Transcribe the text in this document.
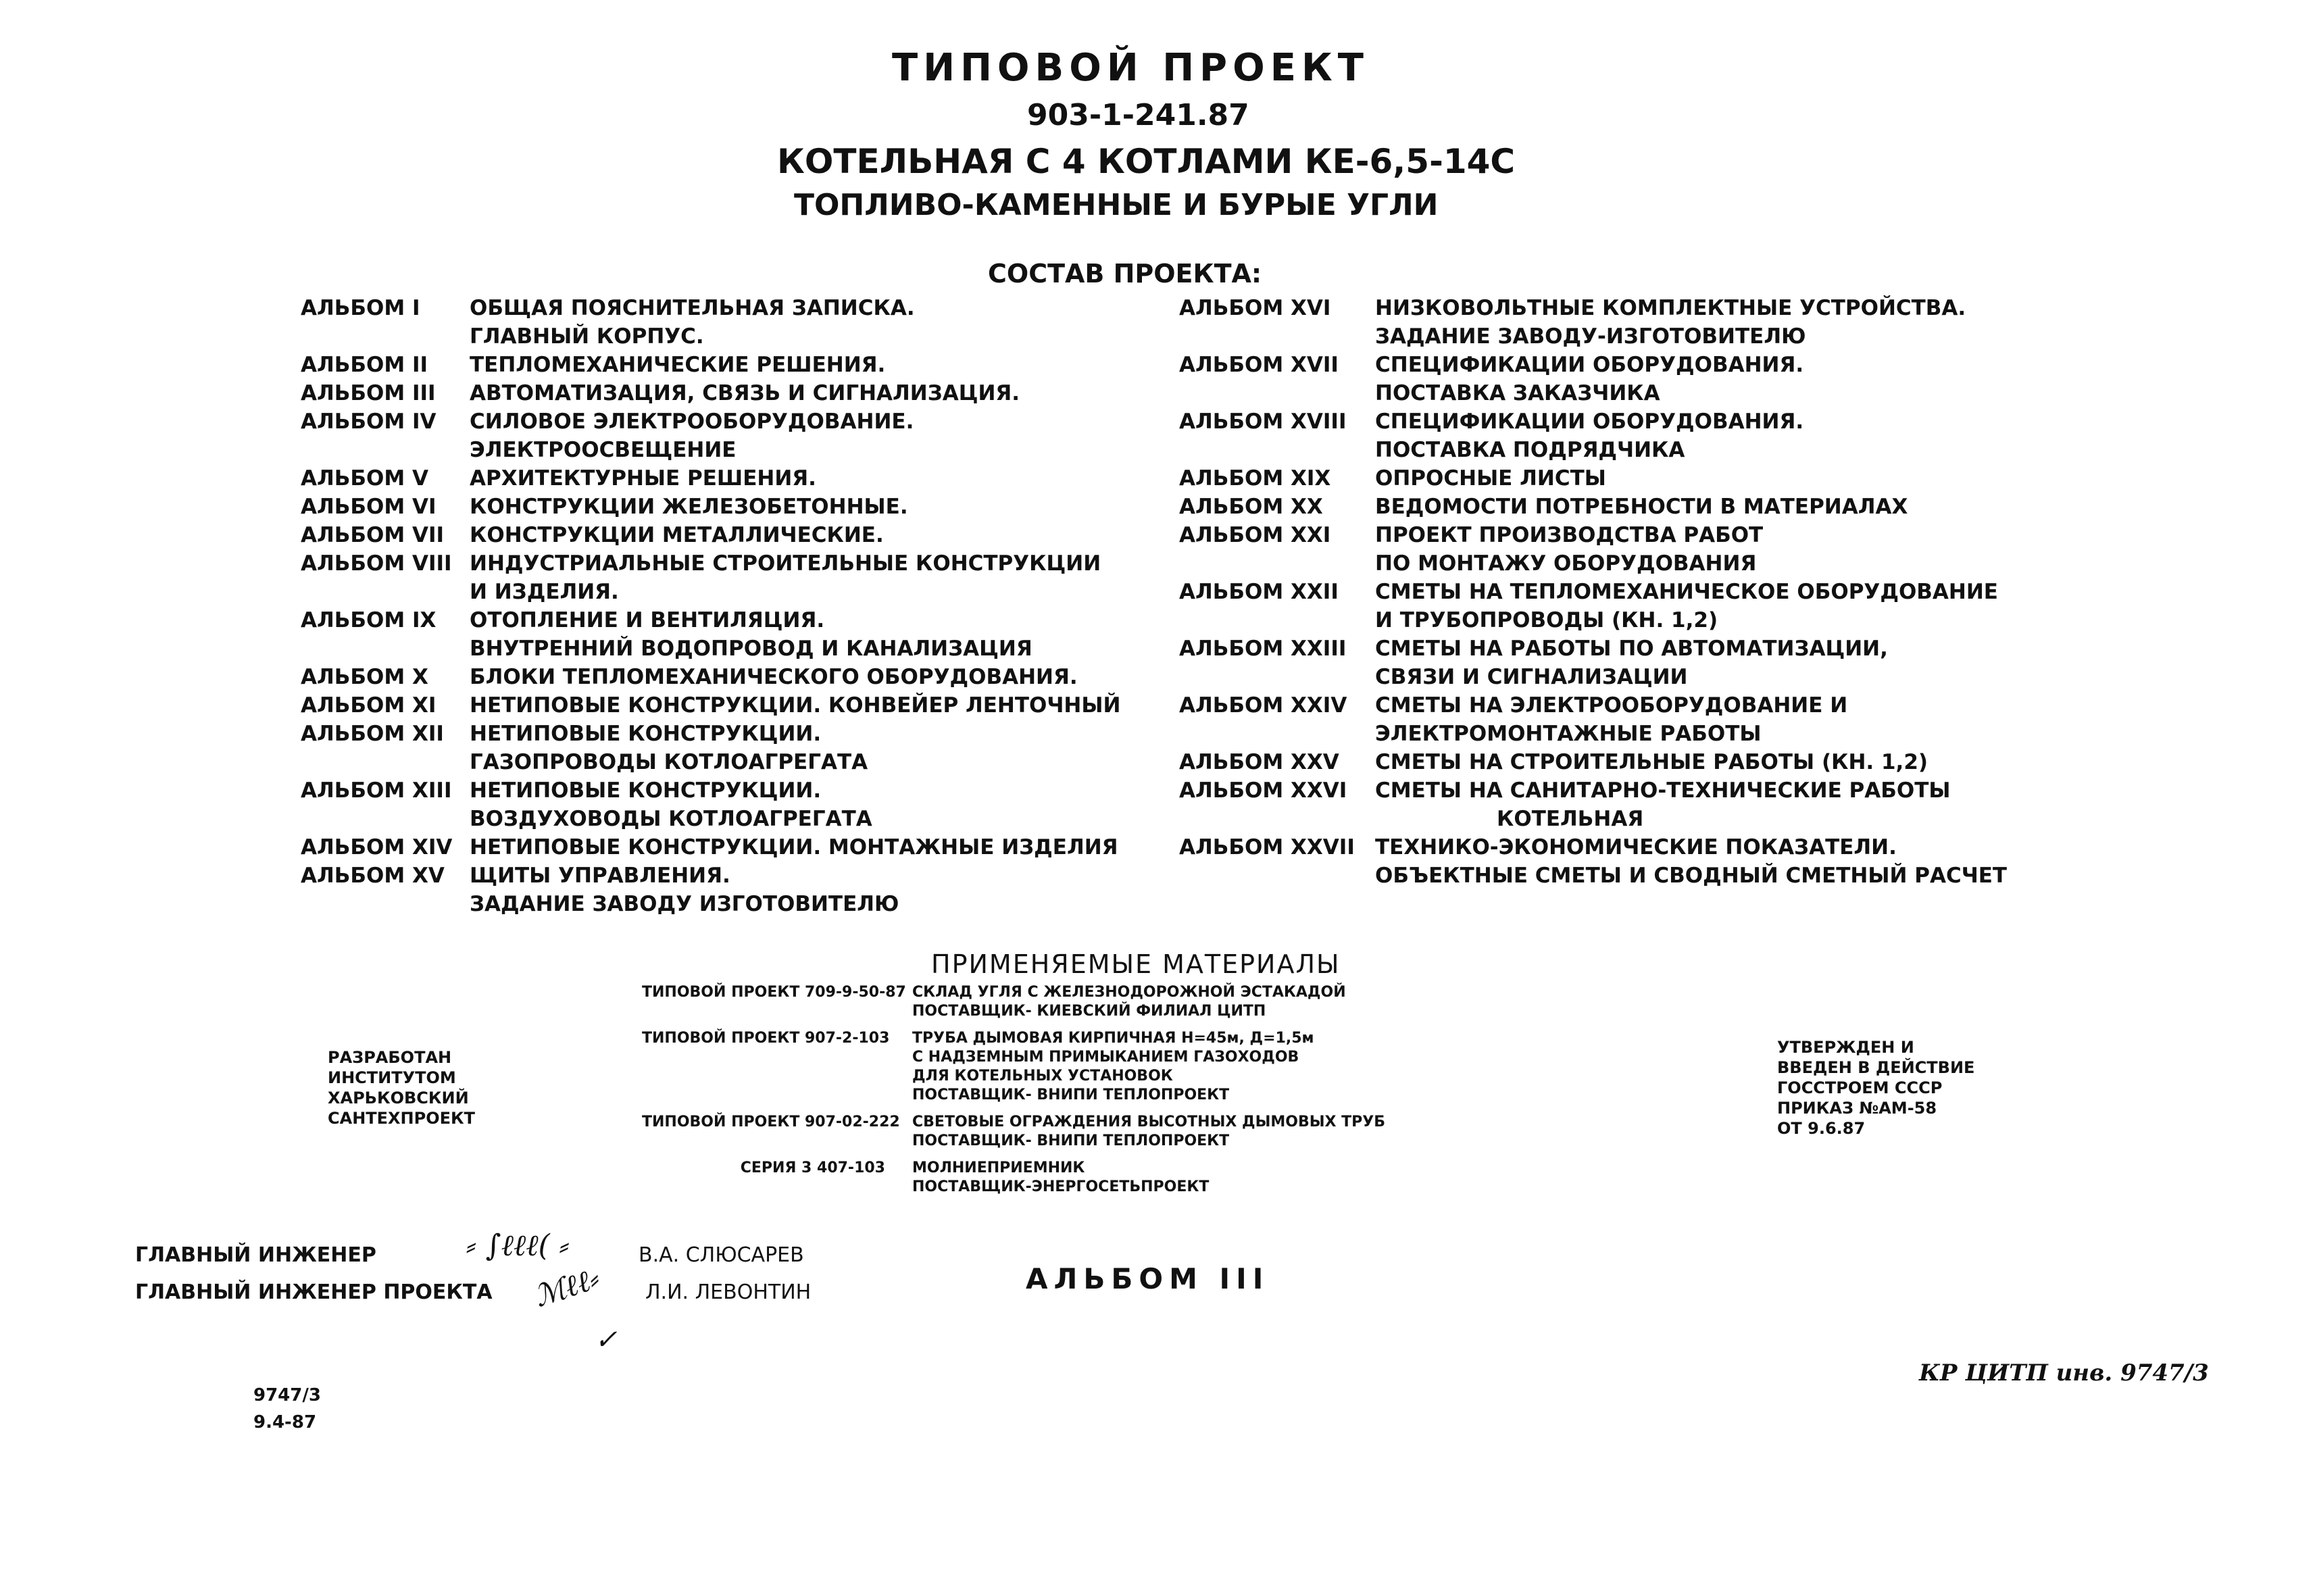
ТИПОВОЙ ПРОЕКТ
903-1-241.87
КОТЕЛЬНАЯ С 4 КОТЛАМИ КЕ-6,5-14С
ТОПЛИВО-КАМЕННЫЕ И БУРЫЕ УГЛИ
СОСТАВ ПРОЕКТА:
АЛЬБОМ I ОБЩАЯ ПОЯСНИТЕЛЬНАЯ ЗАПИСКА.
ГЛАВНЫЙ КОРПУС.
АЛЬБОМ II ТЕПЛОМЕХАНИЧЕСКИЕ РЕШЕНИЯ.
АЛЬБОМ III АВТОМАТИЗАЦИЯ, СВЯЗЬ И СИГНАЛИЗАЦИЯ.
АЛЬБОМ IV СИЛОВОЕ ЭЛЕКТРООБОРУДОВАНИЕ.
ЭЛЕКТРООСВЕЩЕНИЕ
АЛЬБОМ V АРХИТЕКТУРНЫЕ РЕШЕНИЯ.
АЛЬБОМ VI КОНСТРУКЦИИ ЖЕЛЕЗОБЕТОННЫЕ.
АЛЬБОМ VII КОНСТРУКЦИИ МЕТАЛЛИЧЕСКИЕ.
АЛЬБОМ VIII ИНДУСТРИАЛЬНЫЕ СТРОИТЕЛЬНЫЕ КОНСТРУКЦИИ
И ИЗДЕЛИЯ.
АЛЬБОМ IX ОТОПЛЕНИЕ И ВЕНТИЛЯЦИЯ.
ВНУТРЕННИЙ ВОДОПРОВОД И КАНАЛИЗАЦИЯ
АЛЬБОМ X БЛОКИ ТЕПЛОМЕХАНИЧЕСКОГО ОБОРУДОВАНИЯ.
АЛЬБОМ XI НЕТИПОВЫЕ КОНСТРУКЦИИ. КОНВЕЙЕР ЛЕНТОЧНЫЙ
АЛЬБОМ XII НЕТИПОВЫЕ КОНСТРУКЦИИ.
ГАЗОПРОВОДЫ КОТЛОАГРЕГАТА
АЛЬБОМ XIII НЕТИПОВЫЕ КОНСТРУКЦИИ.
ВОЗДУХОВОДЫ КОТЛОАГРЕГАТА
АЛЬБОМ XIV НЕТИПОВЫЕ КОНСТРУКЦИИ. МОНТАЖНЫЕ ИЗДЕЛИЯ
АЛЬБОМ XV ЩИТЫ УПРАВЛЕНИЯ.
ЗАДАНИЕ ЗАВОДУ ИЗГОТОВИТЕЛЮ
АЛЬБОМ XVI НИЗКОВОЛЬТНЫЕ КОМПЛЕКТНЫЕ УСТРОЙСТВА.
ЗАДАНИЕ ЗАВОДУ-ИЗГОТОВИТЕЛЮ
АЛЬБОМ XVII СПЕЦИФИКАЦИИ ОБОРУДОВАНИЯ.
ПОСТАВКА ЗАКАЗЧИКА
АЛЬБОМ XVIII СПЕЦИФИКАЦИИ ОБОРУДОВАНИЯ.
ПОСТАВКА ПОДРЯДЧИКА
АЛЬБОМ XIX ОПРОСНЫЕ ЛИСТЫ
АЛЬБОМ XX ВЕДОМОСТИ ПОТРЕБНОСТИ В МАТЕРИАЛАХ
АЛЬБОМ XXI ПРОЕКТ ПРОИЗВОДСТВА РАБОТ
ПО МОНТАЖУ ОБОРУДОВАНИЯ
АЛЬБОМ XXII СМЕТЫ НА ТЕПЛОМЕХАНИЧЕСКОЕ ОБОРУДОВАНИЕ
И ТРУБОПРОВОДЫ (КН. 1,2)
АЛЬБОМ XXIII СМЕТЫ НА РАБОТЫ ПО АВТОМАТИЗАЦИИ,
СВЯЗИ И СИГНАЛИЗАЦИИ
АЛЬБОМ XXIV СМЕТЫ НА ЭЛЕКТРООБОРУДОВАНИЕ И
ЭЛЕКТРОМОНТАЖНЫЕ РАБОТЫ
АЛЬБОМ XXV СМЕТЫ НА СТРОИТЕЛЬНЫЕ РАБОТЫ (КН. 1,2)
АЛЬБОМ XXVI СМЕТЫ НА САНИТАРНО-ТЕХНИЧЕСКИЕ РАБОТЫ
КОТЕЛЬНАЯ
АЛЬБОМ XXVII ТЕХНИКО-ЭКОНОМИЧЕСКИЕ ПОКАЗАТЕЛИ.
ОБЪЕКТНЫЕ СМЕТЫ И СВОДНЫЙ СМЕТНЫЙ РАСЧЕТ
ПРИМЕНЯЕМЫЕ МАТЕРИАЛЫ
ТИПОВОЙ ПРОЕКТ 709-9-50-87 СКЛАД УГЛЯ С ЖЕЛЕЗНОДОРОЖНОЙ ЭСТАКАДОЙ
ПОСТАВЩИК- КИЕВСКИЙ ФИЛИАЛ ЦИТП
ТИПОВОЙ ПРОЕКТ 907-2-103 ТРУБА ДЫМОВАЯ КИРПИЧНАЯ Н=45м, Д=1,5м
С НАДЗЕМНЫМ ПРИМЫКАНИЕМ ГАЗОХОДОВ
ДЛЯ КОТЕЛЬНЫХ УСТАНОВОК
ПОСТАВЩИК- ВНИПИ ТЕПЛОПРОЕКТ
ТИПОВОЙ ПРОЕКТ 907-02-222 СВЕТОВЫЕ ОГРАЖДЕНИЯ ВЫСОТНЫХ ДЫМОВЫХ ТРУБ
ПОСТАВЩИК- ВНИПИ ТЕПЛОПРОЕКТ
СЕРИЯ 3 407-103 МОЛНИЕПРИЕМНИК
ПОСТАВЩИК-ЭНЕРГОСЕТЬПРОЕКТ
РАЗРАБОТАН
ИНСТИТУТОМ
ХАРЬКОВСКИЙ
САНТЕХПРОЕКТ
УТВЕРЖДЕН И
ВВЕДЕН В ДЕЙСТВИЕ
ГОССТРОЕМ СССР
ПРИКАЗ №АМ-58
ОТ 9.6.87
ГЛАВНЫЙ ИНЖЕНЕР	⸗ ∫ℓℓℓ( ⸗	В.А. СЛЮСАРЕВ
ГЛАВНЫЙ ИНЖЕНЕР ПРОЕКТА ℳℓℓ⸗ Л.И. ЛЕВОНТИН
✓
АЛЬБОМ III
9747/3
9.4-87
КР ЦИТП инв. 9747/3
